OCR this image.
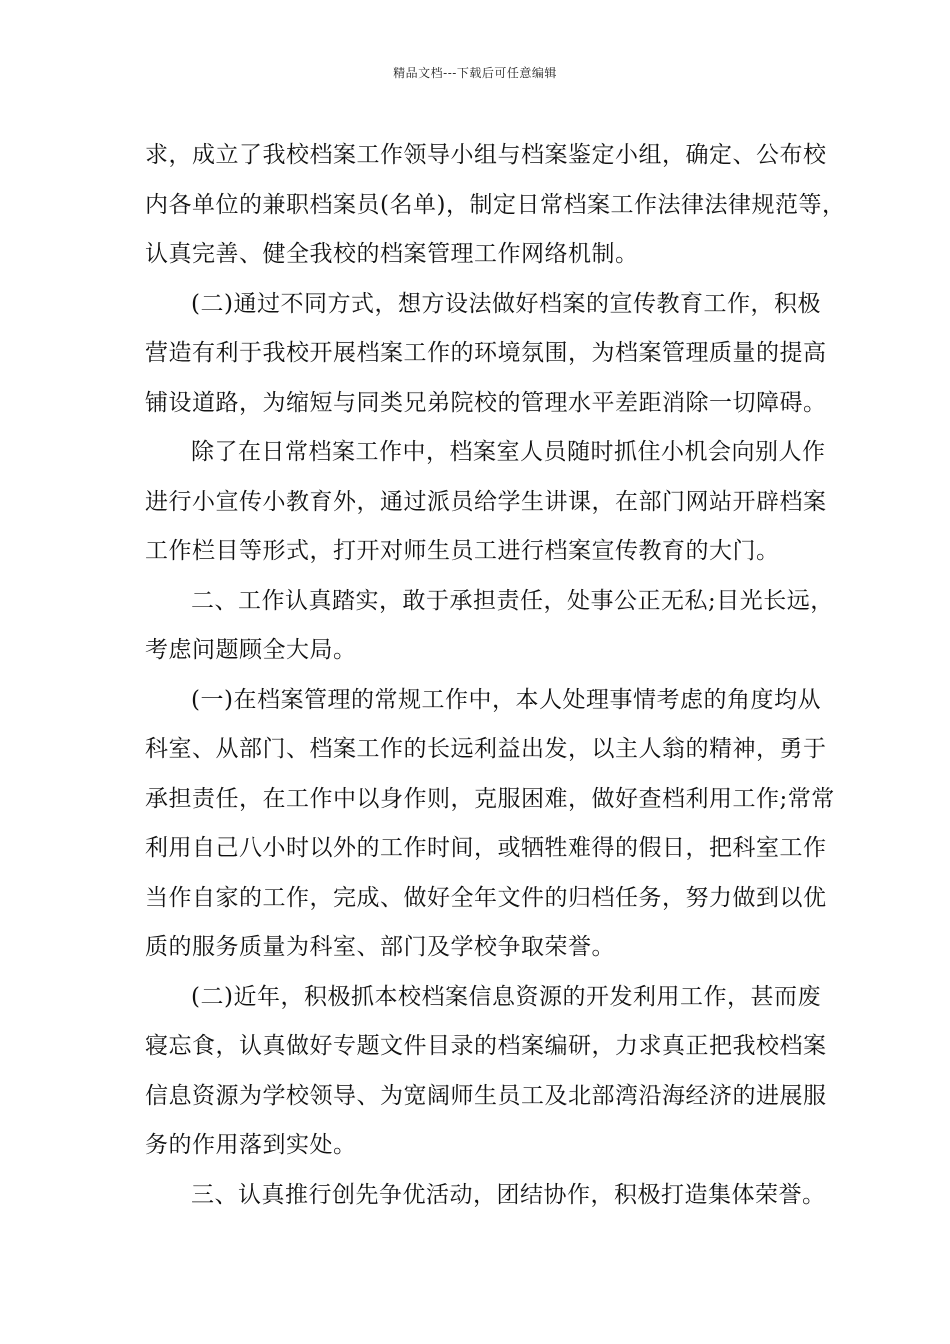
精品文档---下载后可任意编辑
求，成立了我校档案工作领导小组与档案鉴定小组，确定、公布校
内各单位的兼职档案员(名单)，制定日常档案工作法律法律规范等，
认真完善、健全我校的档案管理工作网络机制。
(二)通过不同方式，想方设法做好档案的宣传教育工作，积极
营造有利于我校开展档案工作的环境氛围，为档案管理质量的提高
铺设道路，为缩短与同类兄弟院校的管理水平差距消除一切障碍。
除了在日常档案工作中，档案室人员随时抓住小机会向别人作
进行小宣传小教育外，通过派员给学生讲课，在部门网站开辟档案
工作栏目等形式，打开对师生员工进行档案宣传教育的大门。
二、工作认真踏实，敢于承担责任，处事公正无私;目光长远，
考虑问题顾全大局。
(一)在档案管理的常规工作中，本人处理事情考虑的角度均从
科室、从部门、档案工作的长远利益出发，以主人翁的精神，勇于
承担责任，在工作中以身作则，克服困难，做好查档利用工作;常常
利用自己八小时以外的工作时间，或牺牲难得的假日，把科室工作
当作自家的工作，完成、做好全年文件的归档任务，努力做到以优
质的服务质量为科室、部门及学校争取荣誉。
(二)近年，积极抓本校档案信息资源的开发利用工作，甚而废
寝忘食，认真做好专题文件目录的档案编研，力求真正把我校档案
信息资源为学校领导、为宽阔师生员工及北部湾沿海经济的进展服
务的作用落到实处。
三、认真推行创先争优活动，团结协作，积极打造集体荣誉。
